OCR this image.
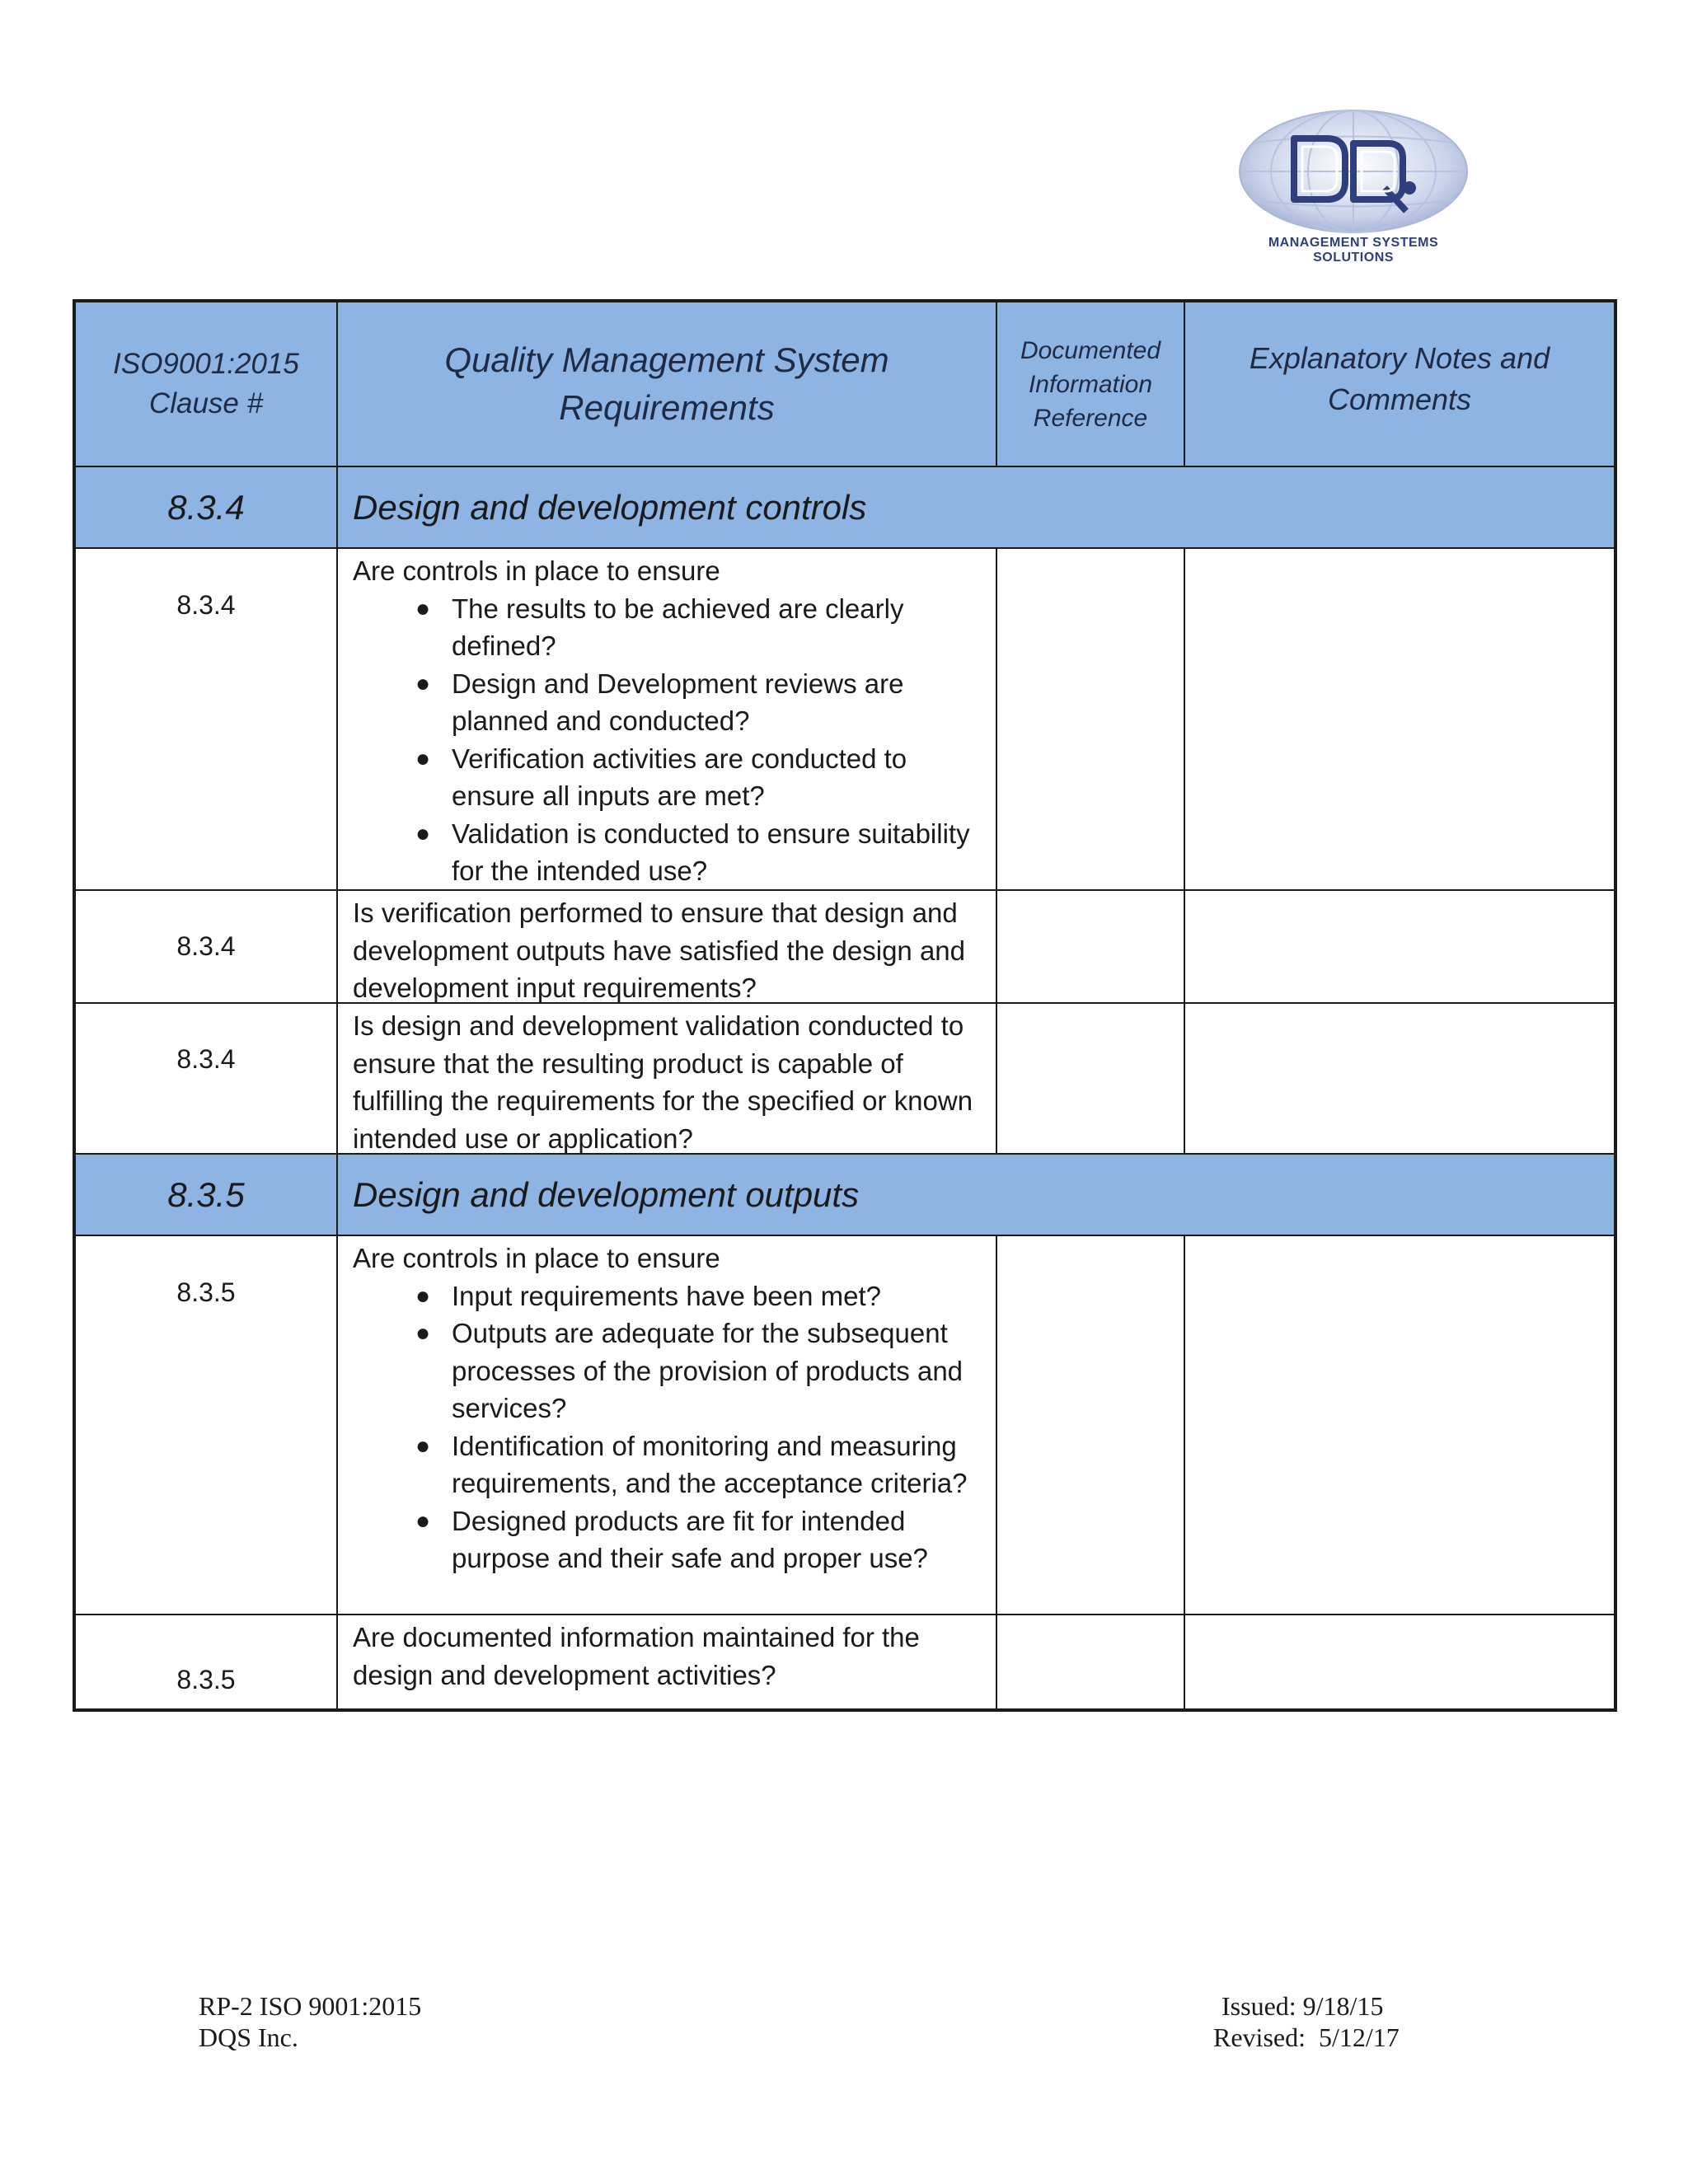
MANAGEMENT SYSTEMS SOLUTIONS
ISO9001:2015
Clause #
Quality Management System
Requirements
Documented
Information
Reference
Explanatory Notes and
Comments
8.3.4	Design and development controls
8.3.4

Are controls in place to ensure

● The results to be achieved are clearly defined?
● Design and Development reviews are planned and conducted?
● Verification activities are conducted to ensure all inputs are met?
● Validation is conducted to ensure suitability for the intended use?
8.3.4

Is verification performed to ensure that design and development outputs have satisfied the design and development input requirements?

8.3.4

Is design and development validation conducted to ensure that the resulting product is capable of fulfilling the requirements for the specified or known intended use or application?

8.3.5	Design and development outputs
8.3.5

Are controls in place to ensure

● Input requirements have been met?
● Outputs are adequate for the subsequent processes of the provision of products and services?
● Identification of monitoring and measuring requirements, and the acceptance criteria?
● Designed products are fit for intended purpose and their safe and proper use?
8.3.5

Are documented information maintained for the design and development activities?

RP-2 ISO 9001:2015
DQS Inc.
Issued: 9/18/15
Revised:  5/12/17
